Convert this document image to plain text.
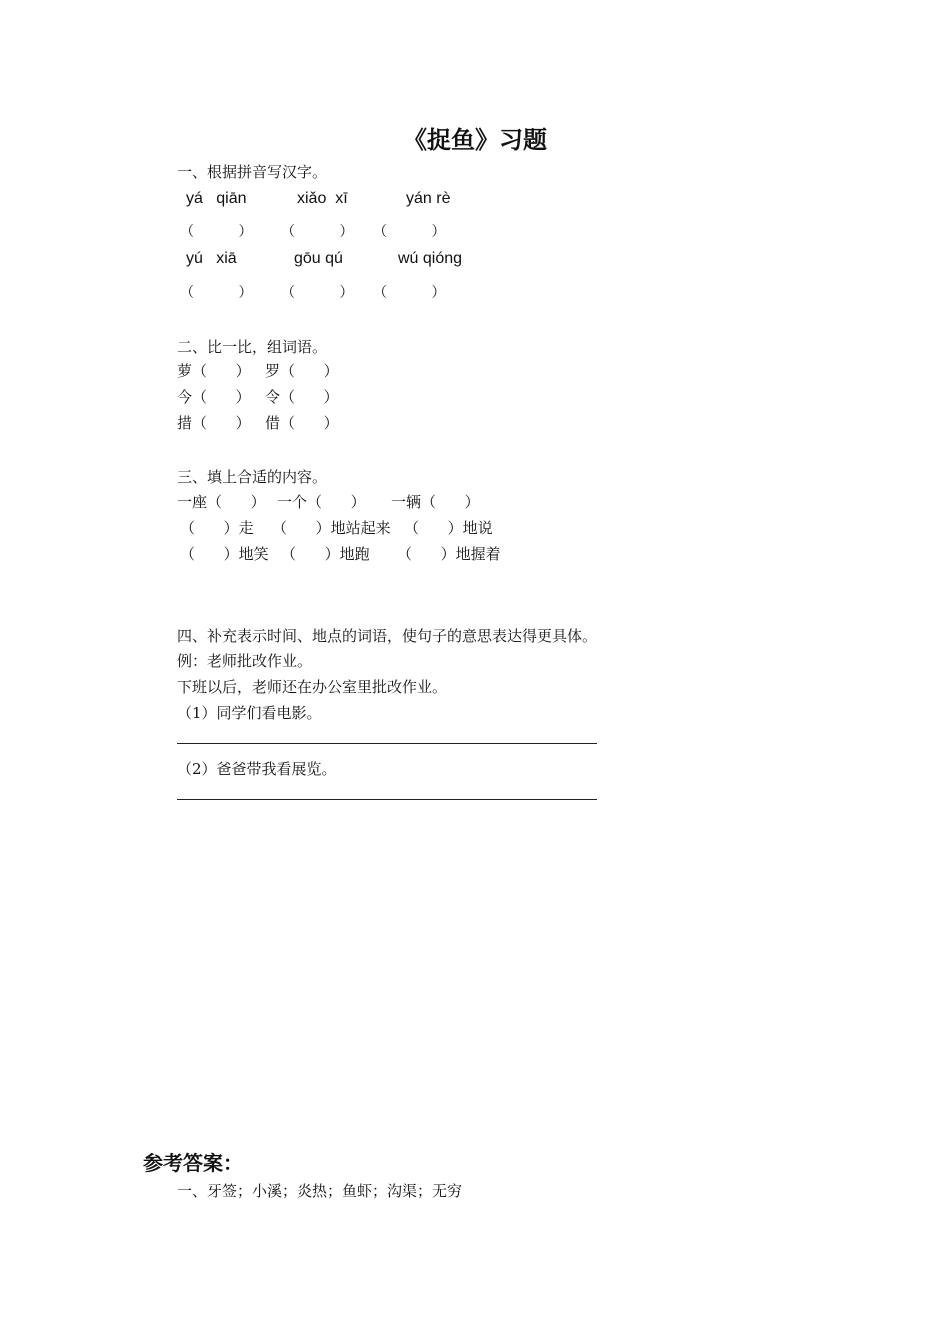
《捉鱼》习题
一、根据拼音写汉字。
yá   qiān	xiǎo  xī	yán rè
（          ） （          ） （          ）
yú   xiā	gōu qú	wú qióng
（          ） （          ） （          ）
二、比一比，组词语。
萝（      ） 罗（      ）
今（      ） 令（      ）
措（      ） 借（      ）
三、填上合适的内容。
一座（      ） 一个（      ） 一辆（      ）
（      ）走 （      ）地站起来 （      ）地说
（      ）地笑 （      ）地跑 （      ）地握着
四、补充表示时间、地点的词语，使句子的意思表达得更具体。
例：老师批改作业。
下班以后，老师还在办公室里批改作业。
（1）同学们看电影。
（2）爸爸带我看展览。
参考答案：
一、牙签；小溪；炎热；鱼虾；沟渠；无穷
